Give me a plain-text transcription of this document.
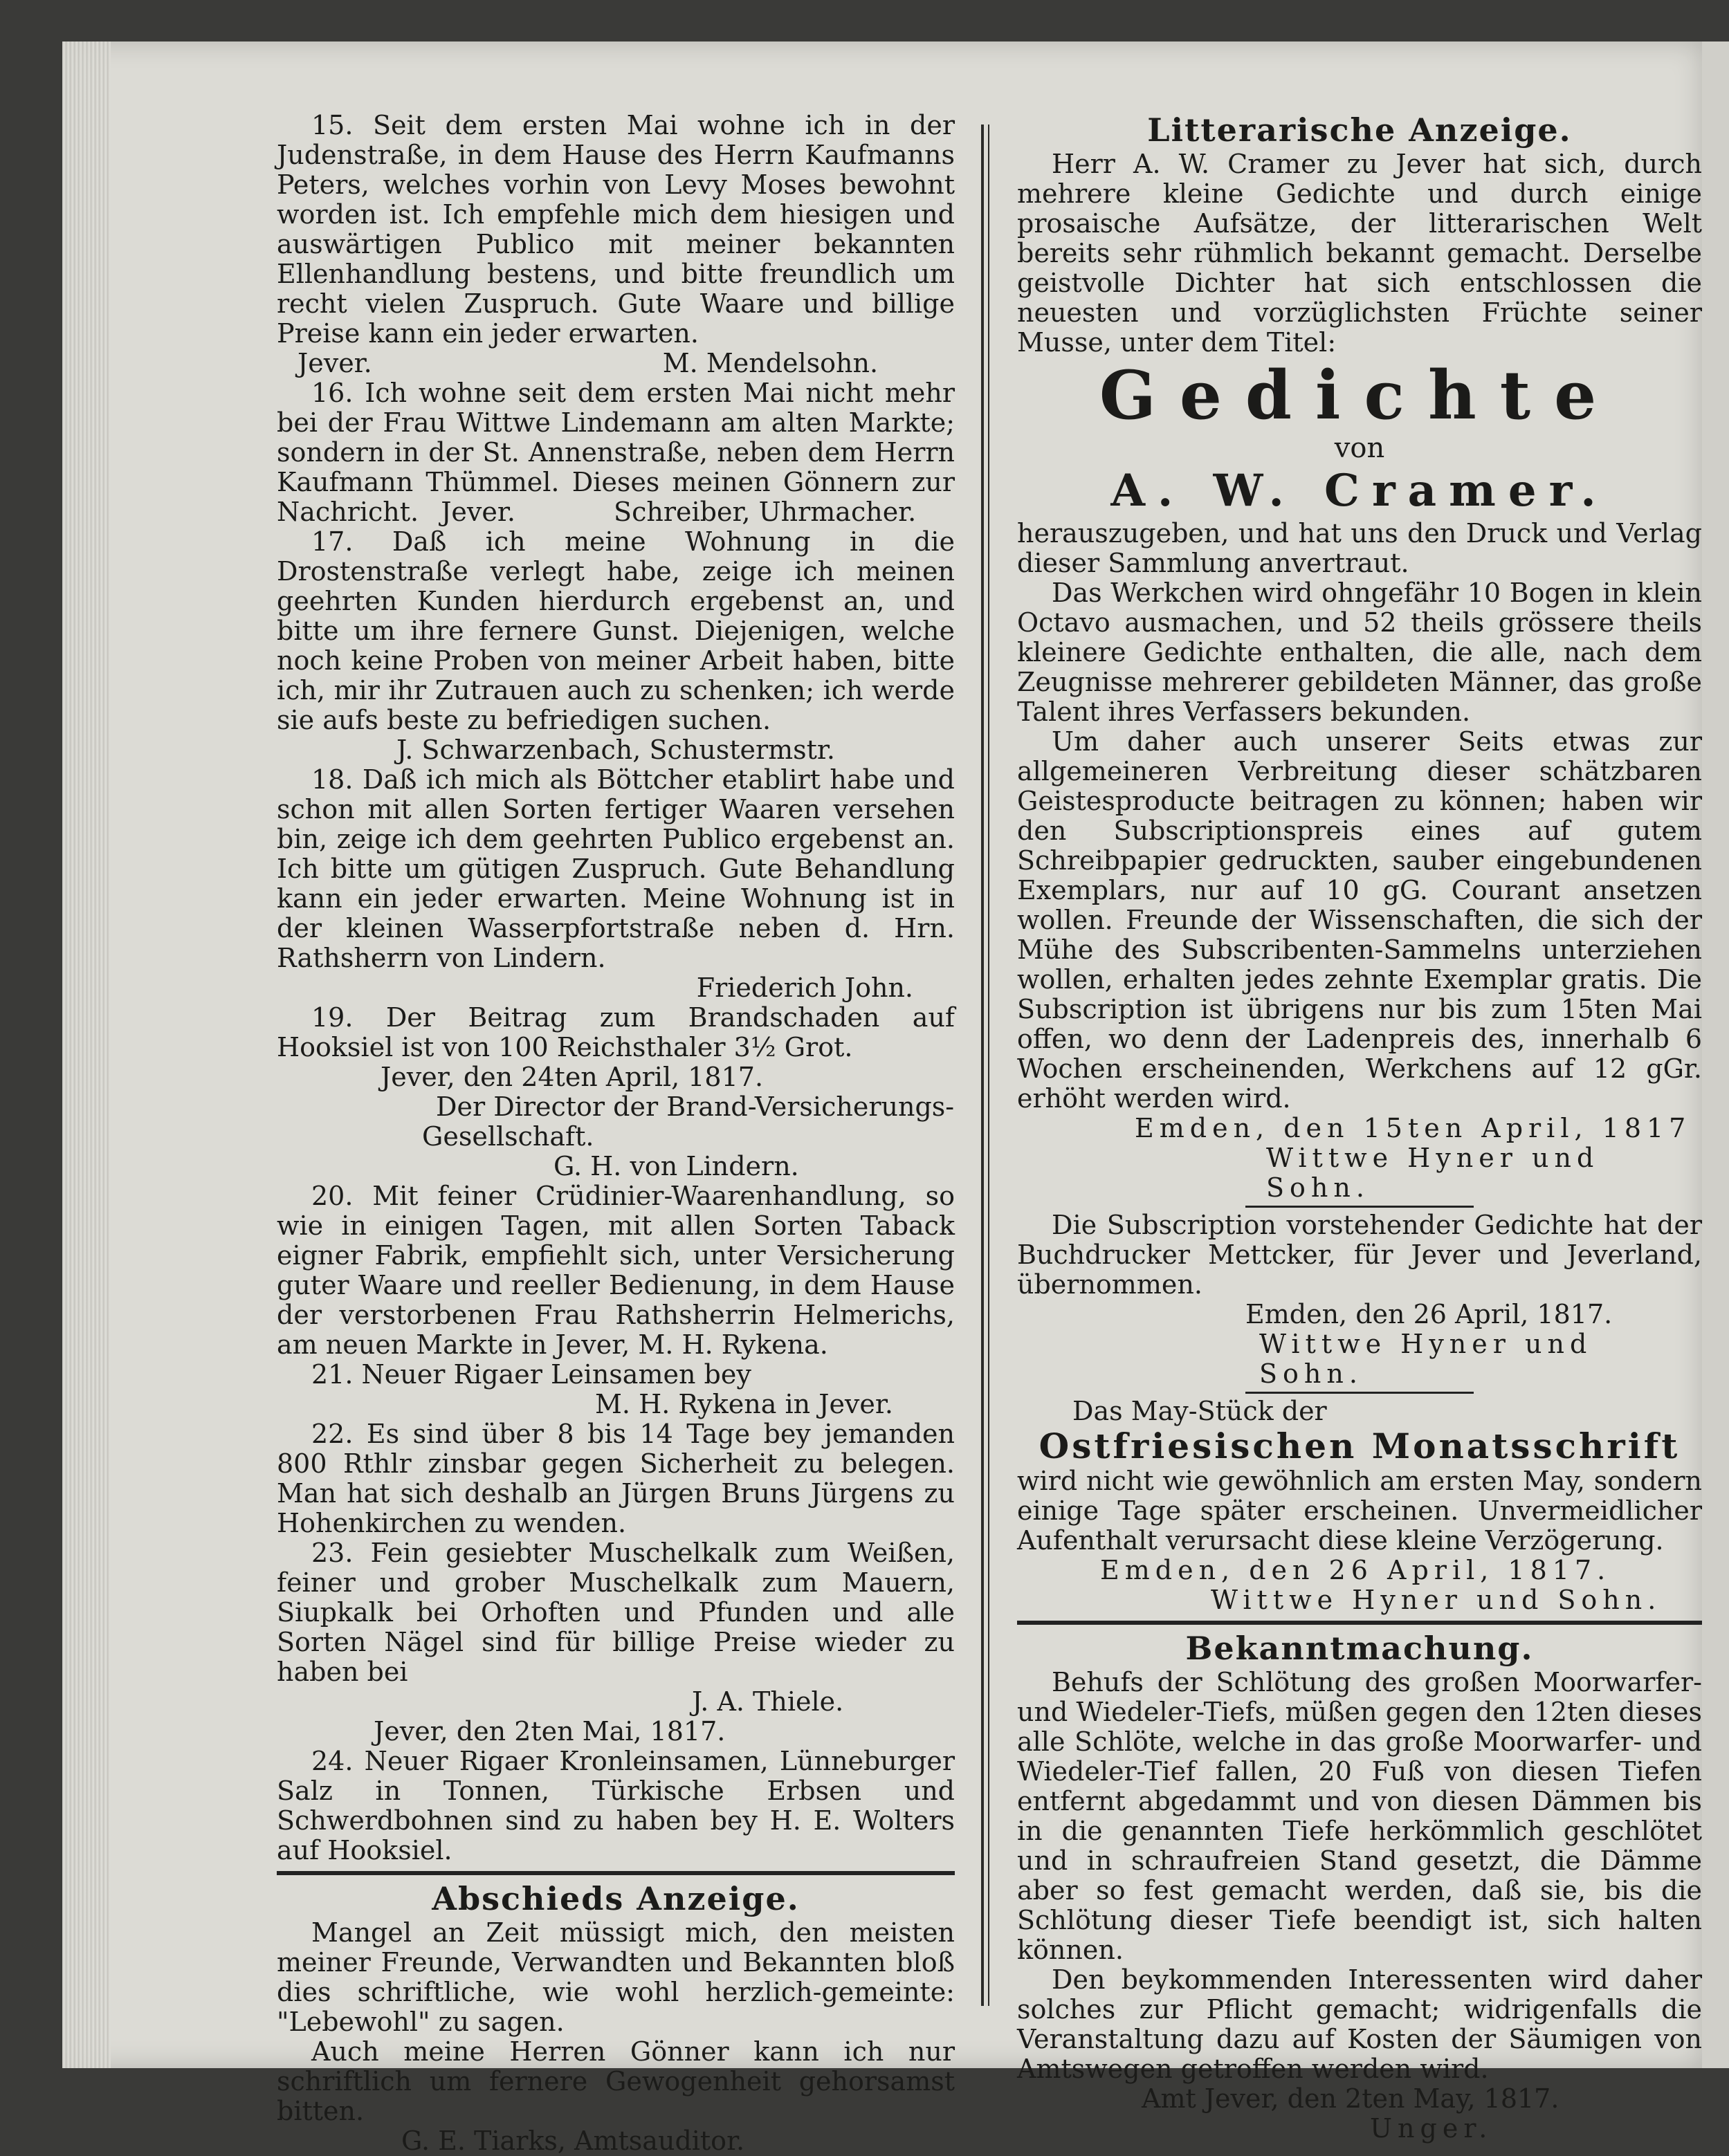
15. Seit dem ersten Mai wohne ich in der Judenstraße, in dem Hause des Herrn Kaufmanns Peters, welches vorhin von Levy Moses bewohnt worden ist. Ich empfehle mich dem hiesigen und auswärtigen Publico mit meiner bekannten Ellenhandlung bestens, und bitte freundlich um recht vielen Zuspruch. Gute Waare und billige Preise kann ein jeder erwarten.

Jever.	M. Mendelsohn.

16. Ich wohne seit dem ersten Mai nicht mehr bei der Frau Wittwe Lindemann am alten Markte; sondern in der St. Annenstraße, neben dem Herrn Kaufmann Thümmel. Dieses meinen Gönnern zur Nachricht. Jever.	Schreiber, Uhrmacher.

17. Daß ich meine Wohnung in die Drostenstraße verlegt habe, zeige ich meinen geehrten Kunden hierdurch ergebenst an, und bitte um ihre fernere Gunst. Diejenigen, welche noch keine Proben von meiner Arbeit haben, bitte ich, mir ihr Zutrauen auch zu schenken; ich werde sie aufs beste zu befriedigen suchen.

J. Schwarzenbach, Schustermstr.

18. Daß ich mich als Böttcher etablirt habe und schon mit allen Sorten fertiger Waaren versehen bin, zeige ich dem geehrten Publico ergebenst an. Ich bitte um gütigen Zuspruch. Gute Behandlung kann ein jeder erwarten. Meine Wohnung ist in der kleinen Wasserpfortstraße neben d. Hrn. Rathsherrn von Lindern.

Friederich John.

19. Der Beitrag zum Brandschaden auf Hooksiel ist von 100 Reichsthaler 3½ Grot.

Jever, den 24ten April, 1817.

Der Director der Brand-Versicherungs-

Gesellschaft.

G. H. von Lindern.

20. Mit feiner Crüdinier-Waarenhandlung, so wie in einigen Tagen, mit allen Sorten Taback eigner Fabrik, empfiehlt sich, unter Versicherung guter Waare und reeller Bedienung, in dem Hause der verstorbenen Frau Rathsherrin Helmerichs, am neuen Markte in Jever, M. H. Rykena.

21. Neuer Rigaer Leinsamen bey

M. H. Rykena in Jever.

22. Es sind über 8 bis 14 Tage bey jemanden 800 Rthlr zinsbar gegen Sicherheit zu belegen. Man hat sich deshalb an Jürgen Bruns Jürgens zu Hohenkirchen zu wenden.

23. Fein gesiebter Muschelkalk zum Weißen, feiner und grober Muschelkalk zum Mauern, Siupkalk bei Orhoften und Pfunden und alle Sorten Nägel sind für billige Preise wieder zu haben bei

J. A. Thiele.

Jever, den 2ten Mai, 1817.

24. Neuer Rigaer Kronleinsamen, Lünneburger Salz in Tonnen, Türkische Erbsen und Schwerdbohnen sind zu haben bey H. E. Wolters auf Hooksiel.

Abschieds Anzeige.

Mangel an Zeit müssigt mich, den meisten meiner Freunde, Verwandten und Bekannten bloß dies schriftliche, wie wohl herzlich-gemeinte: "Lebewohl" zu sagen.

Auch meine Herren Gönner kann ich nur schriftlich um fernere Gewogenheit gehorsamst bitten.

G. E. Tiarks, Amtsauditor.

Litterarische Anzeige.

Herr A. W. Cramer zu Jever hat sich, durch mehrere kleine Gedichte und durch einige prosaische Aufsätze, der litterarischen Welt bereits sehr rühmlich bekannt gemacht. Derselbe geistvolle Dichter hat sich entschlossen die neuesten und vorzüglichsten Früchte seiner Musse, unter dem Titel:

Gedichte

von

A. W. Cramer.

herauszugeben, und hat uns den Druck und Verlag dieser Sammlung anvertraut.

Das Werkchen wird ohngefähr 10 Bogen in klein Octavo ausmachen, und 52 theils grössere theils kleinere Gedichte enthalten, die alle, nach dem Zeugnisse mehrerer gebildeten Männer, das große Talent ihres Verfassers bekunden.

Um daher auch unserer Seits etwas zur allgemeineren Verbreitung dieser schätzbaren Geistesproducte beitragen zu können; haben wir den Subscriptionspreis eines auf gutem Schreibpapier gedruckten, sauber eingebundenen Exemplars, nur auf 10 gG. Courant ansetzen wollen. Freunde der Wissenschaften, die sich der Mühe des Subscribenten-Sammelns unterziehen wollen, erhalten jedes zehnte Exemplar gratis. Die Subscription ist übrigens nur bis zum 15ten Mai offen, wo denn der Ladenpreis des, innerhalb 6 Wochen erscheinenden, Werkchens auf 12 gGr. erhöht werden wird.

Emden, den 15ten April, 1817

Wittwe Hyner und Sohn.

Die Subscription vorstehender Gedichte hat der Buchdrucker Mettcker, für Jever und Jeverland, übernommen.

Emden, den 26 April, 1817.

Wittwe Hyner und Sohn.

Das May-Stück der

Ostfriesischen Monatsschrift

wird nicht wie gewöhnlich am ersten May, sondern einige Tage später erscheinen. Unvermeidlicher Aufenthalt verursacht diese kleine Verzögerung.

Emden, den 26 April, 1817.

Wittwe Hyner und Sohn.

Bekanntmachung.

Behufs der Schlötung des großen Moorwarfer- und Wiedeler-Tiefs, müßen gegen den 12ten dieses alle Schlöte, welche in das große Moorwarfer- und Wiedeler-Tief fallen, 20 Fuß von diesen Tiefen entfernt abgedammt und von diesen Dämmen bis in die genannten Tiefe herkömmlich geschlötet und in schraufreien Stand gesetzt, die Dämme aber so fest gemacht werden, daß sie, bis die Schlötung dieser Tiefe beendigt ist, sich halten können.

Den beykommenden Interessenten wird daher solches zur Pflicht gemacht; widrigenfalls die Veranstaltung dazu auf Kosten der Säumigen von Amtswegen getroffen werden wird.

Amt Jever, den 2ten May, 1817.

Unger.
